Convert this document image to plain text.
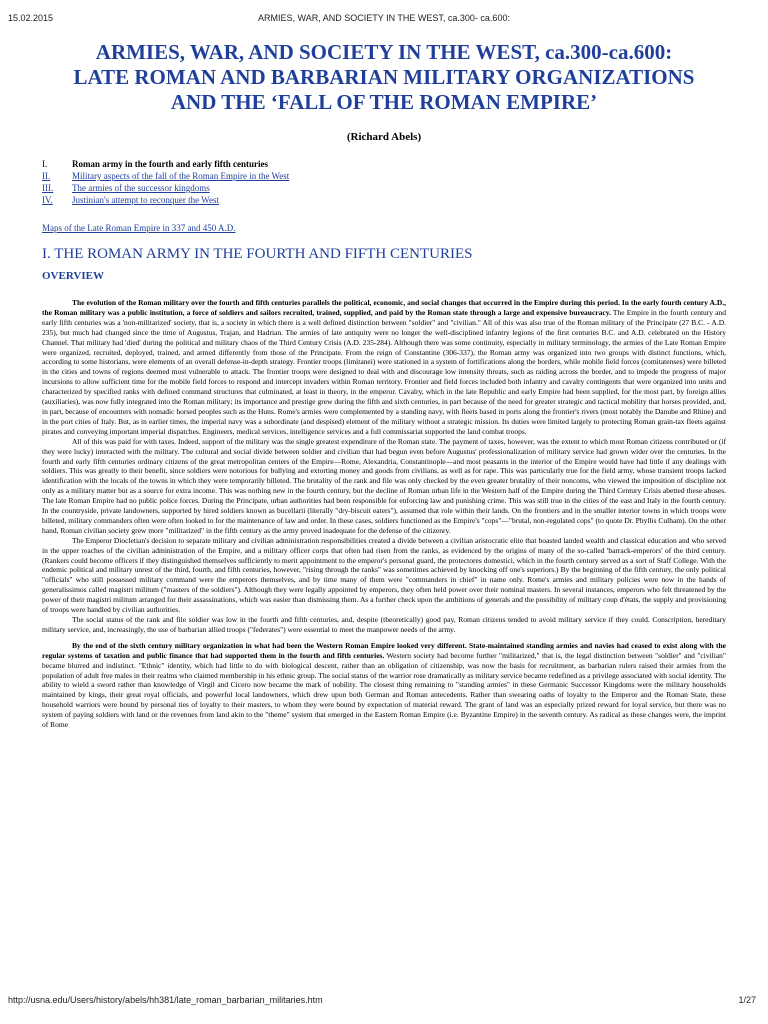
15.02.2015	ARMIES, WAR, AND SOCIETY IN THE WEST, ca.300- ca.600:
ARMIES, WAR, AND SOCIETY IN THE WEST, ca.300-ca.600:
LATE ROMAN AND BARBARIAN MILITARY ORGANIZATIONS
AND THE ‘FALL OF THE ROMAN EMPIRE’
(Richard Abels)
I.	Roman army in the fourth and early fifth centuries
II.	Military aspects of the fall of the Roman Empire in the West
III.	The armies of the successor kingdoms
IV.	Justinian's attempt to reconquer the West
Maps of the Late Roman Empire in 337 and 450 A.D.
I. THE ROMAN ARMY IN THE FOURTH AND FIFTH CENTURIES
OVERVIEW

The evolution of the Roman military over the fourth and fifth centuries parallels the political, economic, and social changes that occurred in the Empire during this period. In the early fourth century A.D., the Roman military was a public institution, a force of soldiers and sailors recruited, trained, supplied, and paid by the Roman state through a large and expensive bureaucracy. The Empire in the fourth century and early fifth centuries was a 'non-militarized' society, that is, a society in which there is a well defined distinction between "soldier" and "civilian." All of this was also true of the Roman military of the Principate (27 B.C. - A.D. 235), but much had changed since the time of Augustus, Trajan, and Hadrian. The armies of late antiquity were no longer the well-disciplined infantry legions of the first centuries B.C. and A.D. celebrated on the History Channel. That military had 'died' during the political and military chaos of the Third Century Crisis (A.D. 235-284). Although there was some continuity, especially in military terminology, the armies of the Late Roman Empire were organized, recruited, deployed, trained, and armed differently from those of the Principate. From the reign of Constantine (306-337), the Roman army was organized into two groups with distinct functions, which, according to some historians, were elements of an overall defense-in-depth strategy. Frontier troops (limitanei) were stationed in a system of fortifications along the borders, while mobile field forces (comitatenses) were billeted in the cities and towns of regions deemed most vulnerable to attack. The frontier troops were designed to deal with and discourage low intensity threats, such as raiding across the border, and to impede the progress of major incursions to allow sufficient time for the mobile field forces to respond and intercept invaders within Roman territory. Frontier and field forces included both infantry and cavalry contingents that were organized into units and characterized by specified ranks with defined command structures that culminated, at least in theory, in the emperor. Cavalry, which in the late Republic and early Empire had been supplied, for the most part, by foreign allies (auxiliaries), was now fully integrated into the Roman military; its importance and prestige grew during the fifth and sixth centuries, in part because of the need for greater strategic and tactical mobility that horses provided, and, in part, because of encounters with nomadic horsed peoples such as the Huns. Rome's armies were complemented by a standing navy, with fleets based in ports along the frontier's rivers (most notably the Danube and Rhine) and in the port cities of Italy. But, as in earlier times, the imperial navy was a subordinate (and despised) element of the military without a strategic mission. Its duties were limited largely to protecting Roman grain-tax fleets against pirates and conveying important imperial dispatches. Engineers, medical services, intelligence services and a full commissariat supported the land combat troops.

All of this was paid for with taxes. Indeed, support of the military was the single greatest expenditure of the Roman state. The payment of taxes, however, was the extent to which most Roman citizens contributed or (if they were lucky) interacted with the military. The cultural and social divide between soldier and civilian that had begun even before Augustus' professionalization of military service had grown wider over the centuries. In the fourth and early fifth centuries ordinary citizens of the great metropolitan centers of the Empire—Rome, Alexandria, Constantinople—and most peasants in the interior of the Empire would have had little if any dealings with soldiers. This was greatly to their benefit, since soldiers were notorious for bullying and extorting money and goods from civilians, as well as for rape. This was particularly true for the field army, whose transient troops lacked identification with the locals of the towns in which they were temporarily billeted. The brutality of the rank and file was only checked by the even greater brutality of their noncoms, who viewed the imposition of discipline not only as a military matter but as a source for extra income. This was nothing new in the fourth century, but the decline of Roman urban life in the Western half of the Empire during the Third Century Crisis abetted these abuses. The late Roman Empire had no public police forces. During the Principate, urban authorities had been responsible for enforcing law and punishing crime. This was still true in the cities of the east and Italy in the fourth century. In the countryside, private landowners, supported by hired soldiers known as bucellarii (literally "dry-biscuit eaters"), assumed that role within their lands. On the frontiers and in the smaller interior towns in which troops were billeted, military commanders often were often looked to for the maintenance of law and order. In these cases, soldiers functioned as the Empire's "cops"—"brutal, non-regulated cops" (to quote Dr. Phyllis Culham). On the other hand, Roman civilian society grew more "militarized" in the fifth century as the army proved inadequate for the defense of the citizenry.

The Emperor Diocletian's decision to separate military and civilian administration responsibilities created a divide between a civilian aristocratic elite that boasted landed wealth and classical education and who served in the upper reaches of the civilian administration of the Empire, and a military officer corps that often had risen from the ranks, as evidenced by the origins of many of the so-called 'barrack-emperors' of the third century. (Rankers could become officers if they distinguished themselves sufficiently to merit appointment to the emperor's personal guard, the protectores domestici, which in the fourth century served as a sort of Staff College. With the endemic political and military unrest of the third, fourth, and fifth centuries, however, "rising through the ranks" was sometimes achieved by knocking off one's superiors.) By the beginning of the fifth century, the only political "officials" who still possessed military command were the emperors themselves, and by time many of them were "commanders in chief" in name only. Rome's armies and military policies were now in the hands of generalissimos called magistri militum ("masters of the soldiers"). Although they were legally appointed by emperors, they often held power over their nominal masters. In several instances, emperors who felt threatened by the power of their magistri militum arranged for their assassinations, which was easier than dismissing them. As a further check upon the ambitions of generals and the possibility of military coup d'états, the supply and provisioning of troops were handled by civilian authorities.

The social status of the rank and file soldier was low in the fourth and fifth centuries, and, despite (theoretically) good pay, Roman citizens tended to avoid military service if they could. Conscription, hereditary military service, and, increasingly, the use of barbarian allied troops ("federates") were essential to meet the manpower needs of the army.

By the end of the sixth century military organization in what had been the Western Roman Empire looked very different. State-maintained standing armies and navies had ceased to exist along with the regular systems of taxation and public finance that had supported them in the fourth and fifth centuries. Western society had become further "militarized," that is, the legal distinction between "soldier" and "civilian" became blurred and indistinct. "Ethnic" identity, which had little to do with biological descent, rather than an obligation of citizenship, was now the basis for recruitment, as barbarian rulers raised their armies from the population of adult free males in their realms who claimed membership in his ethnic group. The social status of the warrior rose dramatically as military service became redefined as a privilege associated with social identity. The ability to wield a sword rather than knowledge of Virgil and Cicero now became the mark of nobility. The closest thing remaining to "standing armies" in these Germanic Successor Kingdoms were the military households maintained by kings, their great royal officials, and powerful local landowners, which drew upon both German and Roman antecedents. Rather than swearing oaths of loyalty to the Emperor and the Roman State, these household warriors were bound by personal ties of loyalty to their masters, to whom they were bound by expectation of material reward. The grant of land was an especially prized reward for loyal service, but there was no system of paying soldiers with land or the revenues from land akin to the "theme" system that emerged in the Eastern Roman Empire (i.e. Byzantine Empire) in the seventh century. As radical as these changes were, the imprint of Rome

http://usna.edu/Users/history/abels/hh381/late_roman_barbarian_militaries.htm	1/27
